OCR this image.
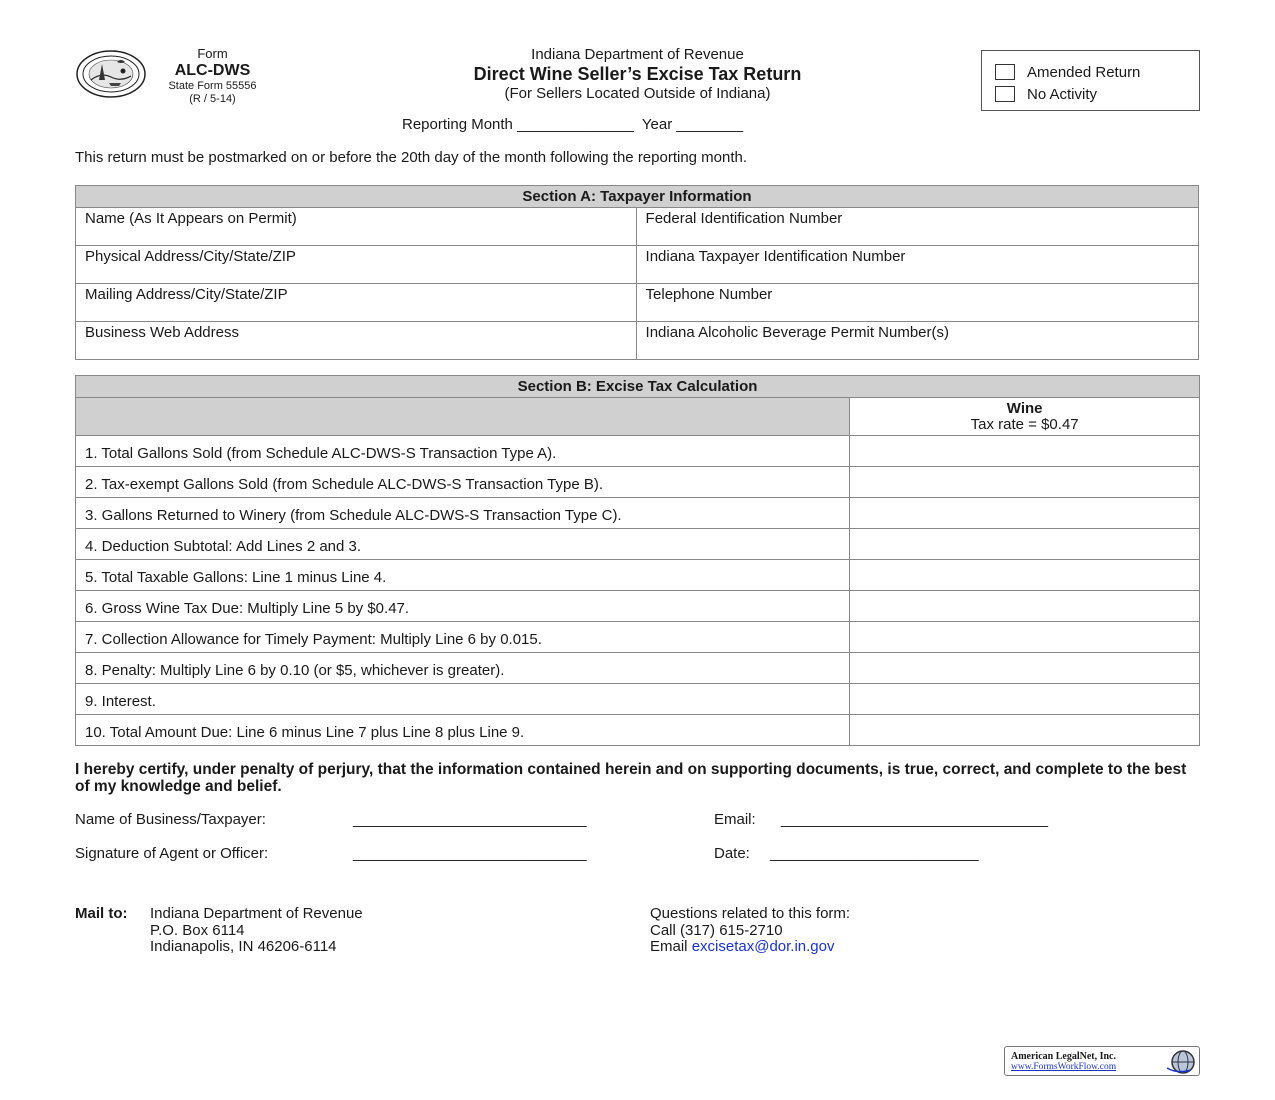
Form
ALC-DWS
State Form 55556
(R / 5-14)
Indiana Department of Revenue
Direct Wine Seller’s Excise Tax Return
(For Sellers Located Outside of Indiana)
Amended Return
No Activity
Reporting Month ______________  Year ________
This return must be postmarked on or before the 20th day of the month following the reporting month.
Section A: Taxpayer Information	
Name (As It Appears on Permit)	Federal Identification Number
Physical Address/City/State/ZIP	Indiana Taxpayer Identification Number
Mailing Address/City/State/ZIP	Telephone Number
Business Web Address	Indiana Alcoholic Beverage Permit Number(s)
Section B: Excise Tax Calculation	

	Wine
Tax rate = $0.47

1. Total Gallons Sold (from Schedule ALC-DWS-S Transaction Type A).	
2. Tax-exempt Gallons Sold (from Schedule ALC-DWS-S Transaction Type B).	
3. Gallons Returned to Winery (from Schedule ALC-DWS-S Transaction Type C).	
4. Deduction Subtotal: Add Lines 2 and 3.	
5. Total Taxable Gallons: Line 1 minus Line 4.	
6. Gross Wine Tax Due: Multiply Line 5 by $0.47.	
7. Collection Allowance for Timely Payment: Multiply Line 6 by 0.015.	
8. Penalty: Multiply Line 6 by 0.10 (or $5, whichever is greater).	
9. Interest.	
10. Total Amount Due: Line 6 minus Line 7 plus Line 8 plus Line 9.	
I hereby certify, under penalty of perjury, that the information contained herein and on supporting documents, is true, correct, and complete to the best of my knowledge and belief.
Name of Business/Taxpayer:	____________________________	Email: ________________________________
Signature of Agent or Officer:	____________________________	Date: _________________________
Mail to: Indiana Department of Revenue
P.O. Box 6114
Indianapolis, IN 46206-6114
Questions related to this form:
Call (317) 615-2710
Email excisetax@dor.in.gov
American LegalNet, Inc.
www.FormsWorkFlow.com
